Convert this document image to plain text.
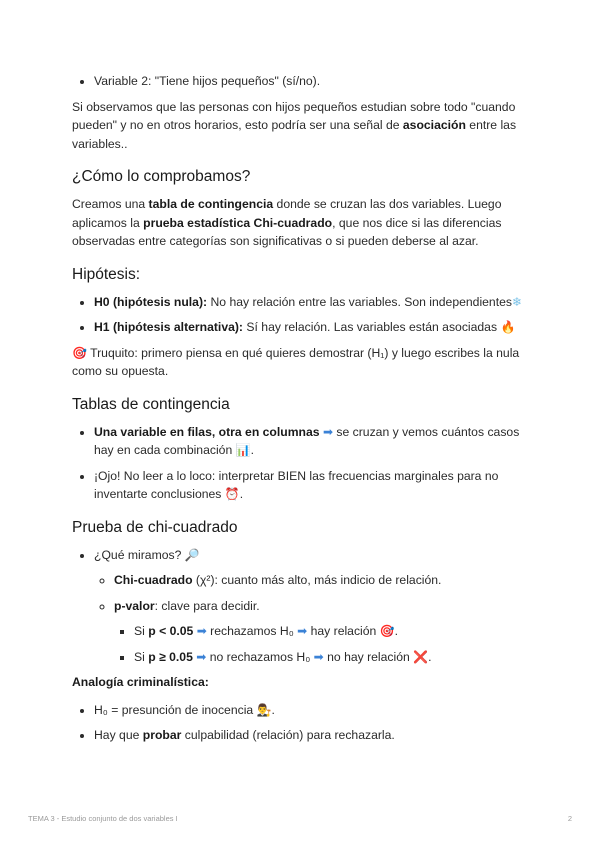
• Variable 2: "Tiene hijos pequeños" (sí/no).

Si observamos que las personas con hijos pequeños estudian sobre todo "cuando pueden" y no en otros horarios, esto podría ser una señal de asociación entre las variables..

¿Cómo lo comprobamos?

Creamos una tabla de contingencia donde se cruzan las dos variables. Luego aplicamos la prueba estadística Chi-cuadrado, que nos dice si las diferencias observadas entre categorías son significativas o si pueden deberse al azar.

Hipótesis:
• H0 (hipótesis nula): No hay relación entre las variables. Son independientes❄
• H1 (hipótesis alternativa): Sí hay relación. Las variables están asociadas 🔥

🎯 Truquito: primero piensa en qué quieres demostrar (H₁) y luego escribes la nula como su opuesta.

Tablas de contingencia
• Una variable en filas, otra en columnas ➡ se cruzan y vemos cuántos casos hay en cada combinación 📊.
• ¡Ojo! No leer a lo loco: interpretar BIEN las frecuencias marginales para no inventarte conclusiones ⏰.
Prueba de chi-cuadrado
• ¿Qué miramos? 🔎
◦ Chi-cuadrado (χ²): cuanto más alto, más indicio de relación.
◦ p-valor: clave para decidir.
▪ Si p < 0.05 ➡ rechazamos H₀ ➡ hay relación 🎯.
▪ Si p ≥ 0.05 ➡ no rechazamos H₀ ➡ no hay relación ❌.

Analogía criminalística:

• H₀ = presunción de inocencia 👨‍⚖.
• Hay que probar culpabilidad (relación) para rechazarla.
TEMA 3 - Estudio conjunto de dos variables I	2
